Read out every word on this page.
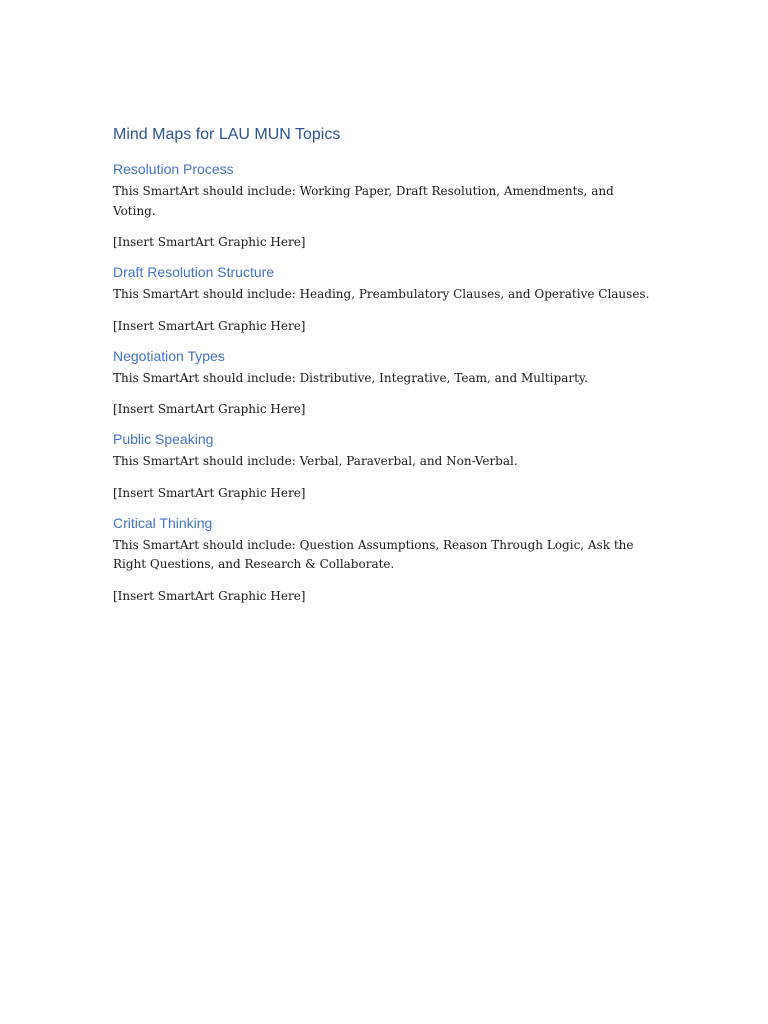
Mind Maps for LAU MUN Topics
Resolution Process

This SmartArt should include: Working Paper, Draft Resolution, Amendments, and Voting.

[Insert SmartArt Graphic Here]

Draft Resolution Structure

This SmartArt should include: Heading, Preambulatory Clauses, and Operative Clauses.

[Insert SmartArt Graphic Here]

Negotiation Types

This SmartArt should include: Distributive, Integrative, Team, and Multiparty.

[Insert SmartArt Graphic Here]

Public Speaking

This SmartArt should include: Verbal, Paraverbal, and Non-Verbal.

[Insert SmartArt Graphic Here]

Critical Thinking

This SmartArt should include: Question Assumptions, Reason Through Logic, Ask the Right Questions, and Research & Collaborate.

[Insert SmartArt Graphic Here]
